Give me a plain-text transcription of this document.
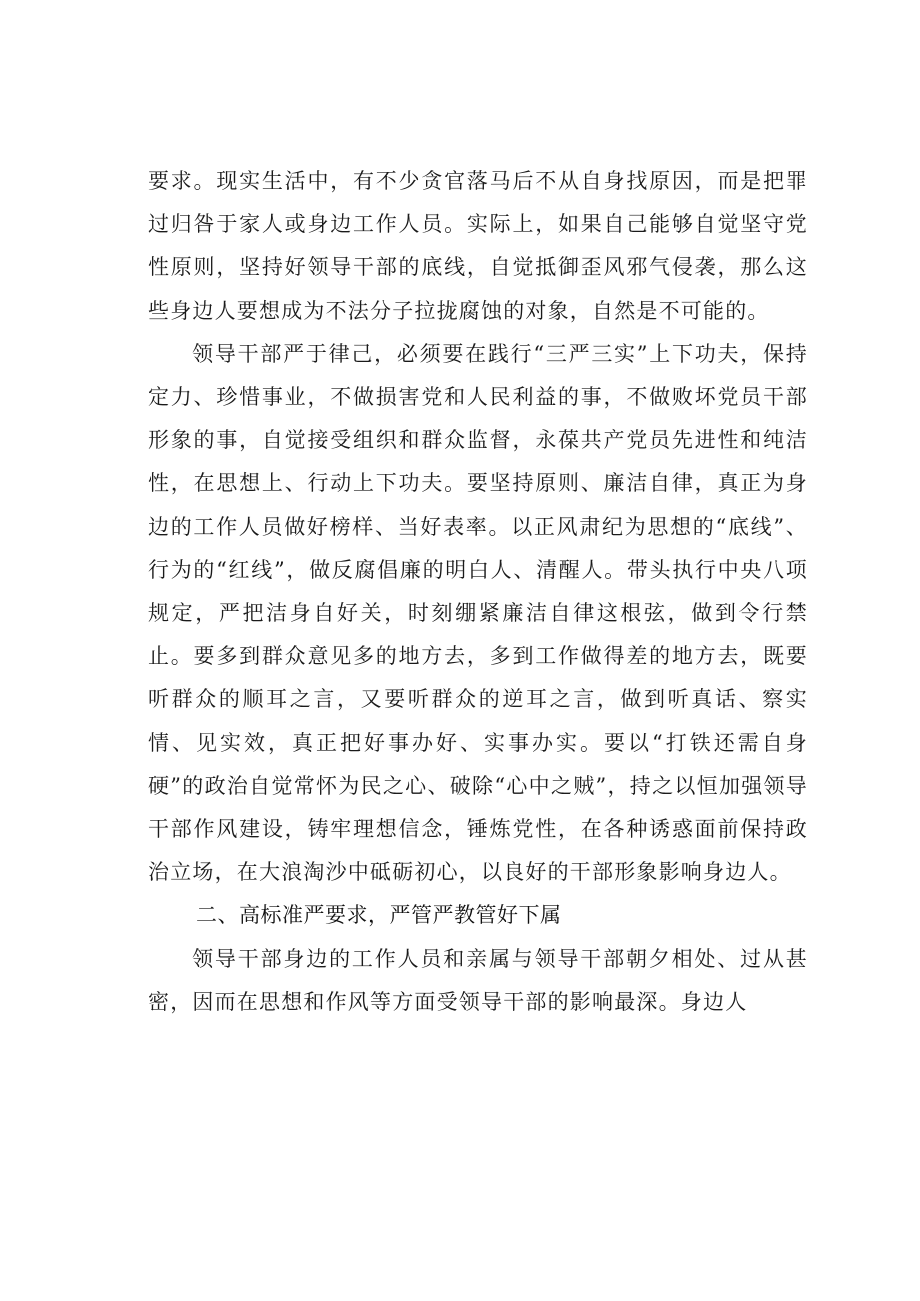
要求。现实生活中，有不少贪官落马后不从自身找原因，而是把罪过归咎于家人或身边工作人员。实际上，如果自己能够自觉坚守党性原则，坚持好领导干部的底线，自觉抵御歪风邪气侵袭，那么这些身边人要想成为不法分子拉拢腐蚀的对象，自然是不可能的。

领导干部严于律己，必须要在践行“三严三实”上下功夫，保持定力、珍惜事业，不做损害党和人民利益的事，不做败坏党员干部形象的事，自觉接受组织和群众监督，永葆共产党员先进性和纯洁性，在思想上、行动上下功夫。要坚持原则、廉洁自律，真正为身边的工作人员做好榜样、当好表率。以正风肃纪为思想的“底线”、行为的“红线”，做反腐倡廉的明白人、清醒人。带头执行中央八项规定，严把洁身自好关，时刻绷紧廉洁自律这根弦，做到令行禁止。要多到群众意见多的地方去，多到工作做得差的地方去，既要听群众的顺耳之言，又要听群众的逆耳之言，做到听真话、察实情、见实效，真正把好事办好、实事办实。要以“打铁还需自身硬”的政治自觉常怀为民之心、破除“心中之贼”，持之以恒加强领导干部作风建设，铸牢理想信念，锤炼党性，在各种诱惑面前保持政治立场，在大浪淘沙中砥砺初心，以良好的干部形象影响身边人。

二、高标准严要求，严管严教管好下属

领导干部身边的工作人员和亲属与领导干部朝夕相处、过从甚密，因而在思想和作风等方面受领导干部的影响最深。身边人
